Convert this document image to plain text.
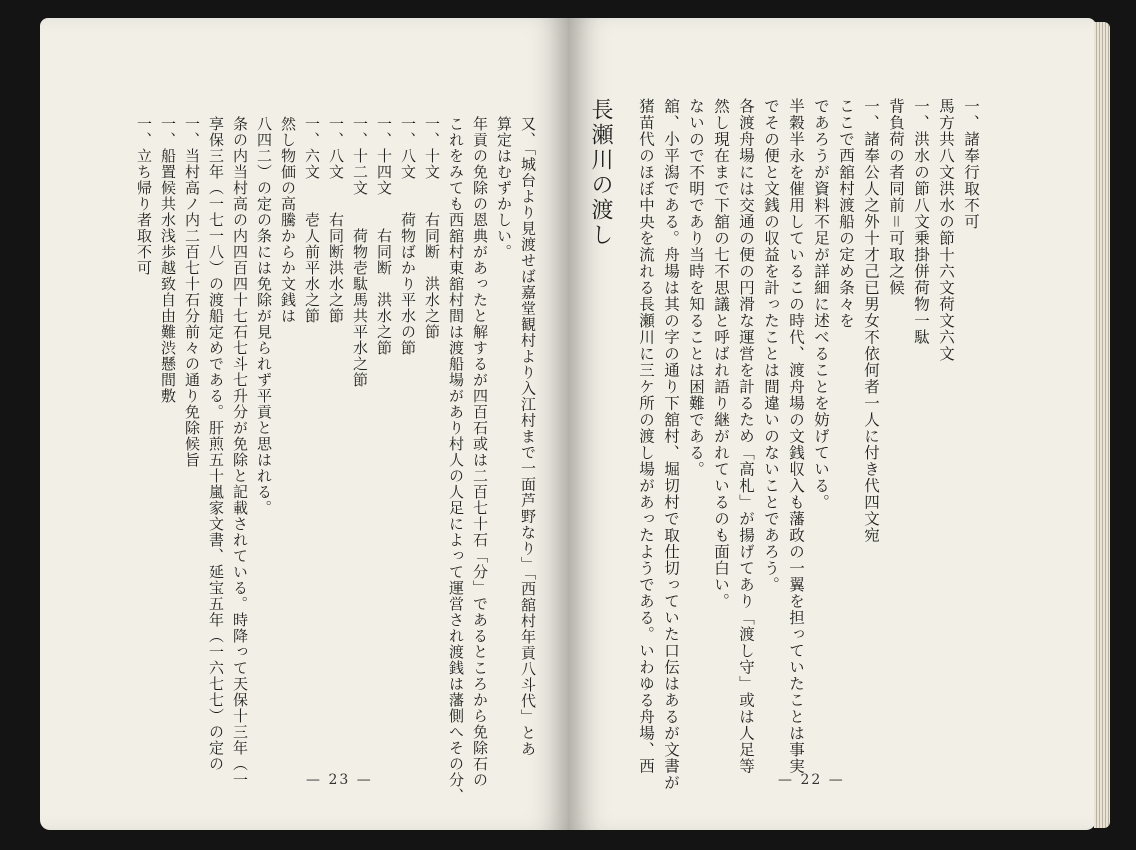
又、「城台より見渡せば嘉堂観村より入江村まで一面芦野なり」「西舘村年貢八斗代」とあ
算定はむずかしい。
年貢の免除の恩典があったと解するが四百石或は二百七十石「分」であるところから免除石の
これをみても西舘村東舘村間は渡船場があり村人の人足によって運営され渡銭は藩側へその分、
一、十文　　右同断　洪水之節
一、八文　　荷物ばかり平水の節
一、十四文　　右同断　洪水之節
一、十二文　　荷物壱駄馬共平水之節
一、八文　　右同断洪水之節
一、六文　　壱人前平水之節
然し物価の高騰からか文銭は
八四二）の定の条には免除が見られず平貢と思はれる。
条の内当村高の内四百四十七石七斗七升分が免除と記載されている。時降って天保十三年（一
享保三年（一七一八）の渡船定めである。肝煎五十嵐家文書、延宝五年（一六七七）の定の
一、当村高ノ内二百七十石分前々の通り免除候旨
一、船置候共水浅歩越致自由難渋懸間敷
一、立ち帰り者取不可
— 23 —
一、諸奉行取不可
馬方共八文洪水の節十六文荷文六文
一、洪水の節八文乗掛併荷物一駄
背負荷の者同前＝可取之候
一、諸奉公人之外十才己已男女不依何者一人に付き代四文宛
ここで西舘村渡船の定め条々を
であろうが資料不足が詳細に述べることを妨げている。
半穀半永を催用しているこの時代、渡舟場の文銭収入も藩政の一翼を担っていたことは事実
でその便と文銭の収益を計ったことは間違いのないことであろう。
各渡舟場には交通の便の円滑な運営を計るため「高札」が揚げてあり「渡し守」或は人足等
然し現在まで下舘の七不思議と呼ばれ語り継がれているのも面白い。
ないので不明であり当時を知ることは困難である。
舘、小平潟である。舟場は其の字の通り下舘村、堀切村で取仕切っていた口伝はあるが文書が
猪苗代のほぼ中央を流れる長瀬川に三ケ所の渡し場があったようである。いわゆる舟場、西
長瀬川の渡し
— 22 —
